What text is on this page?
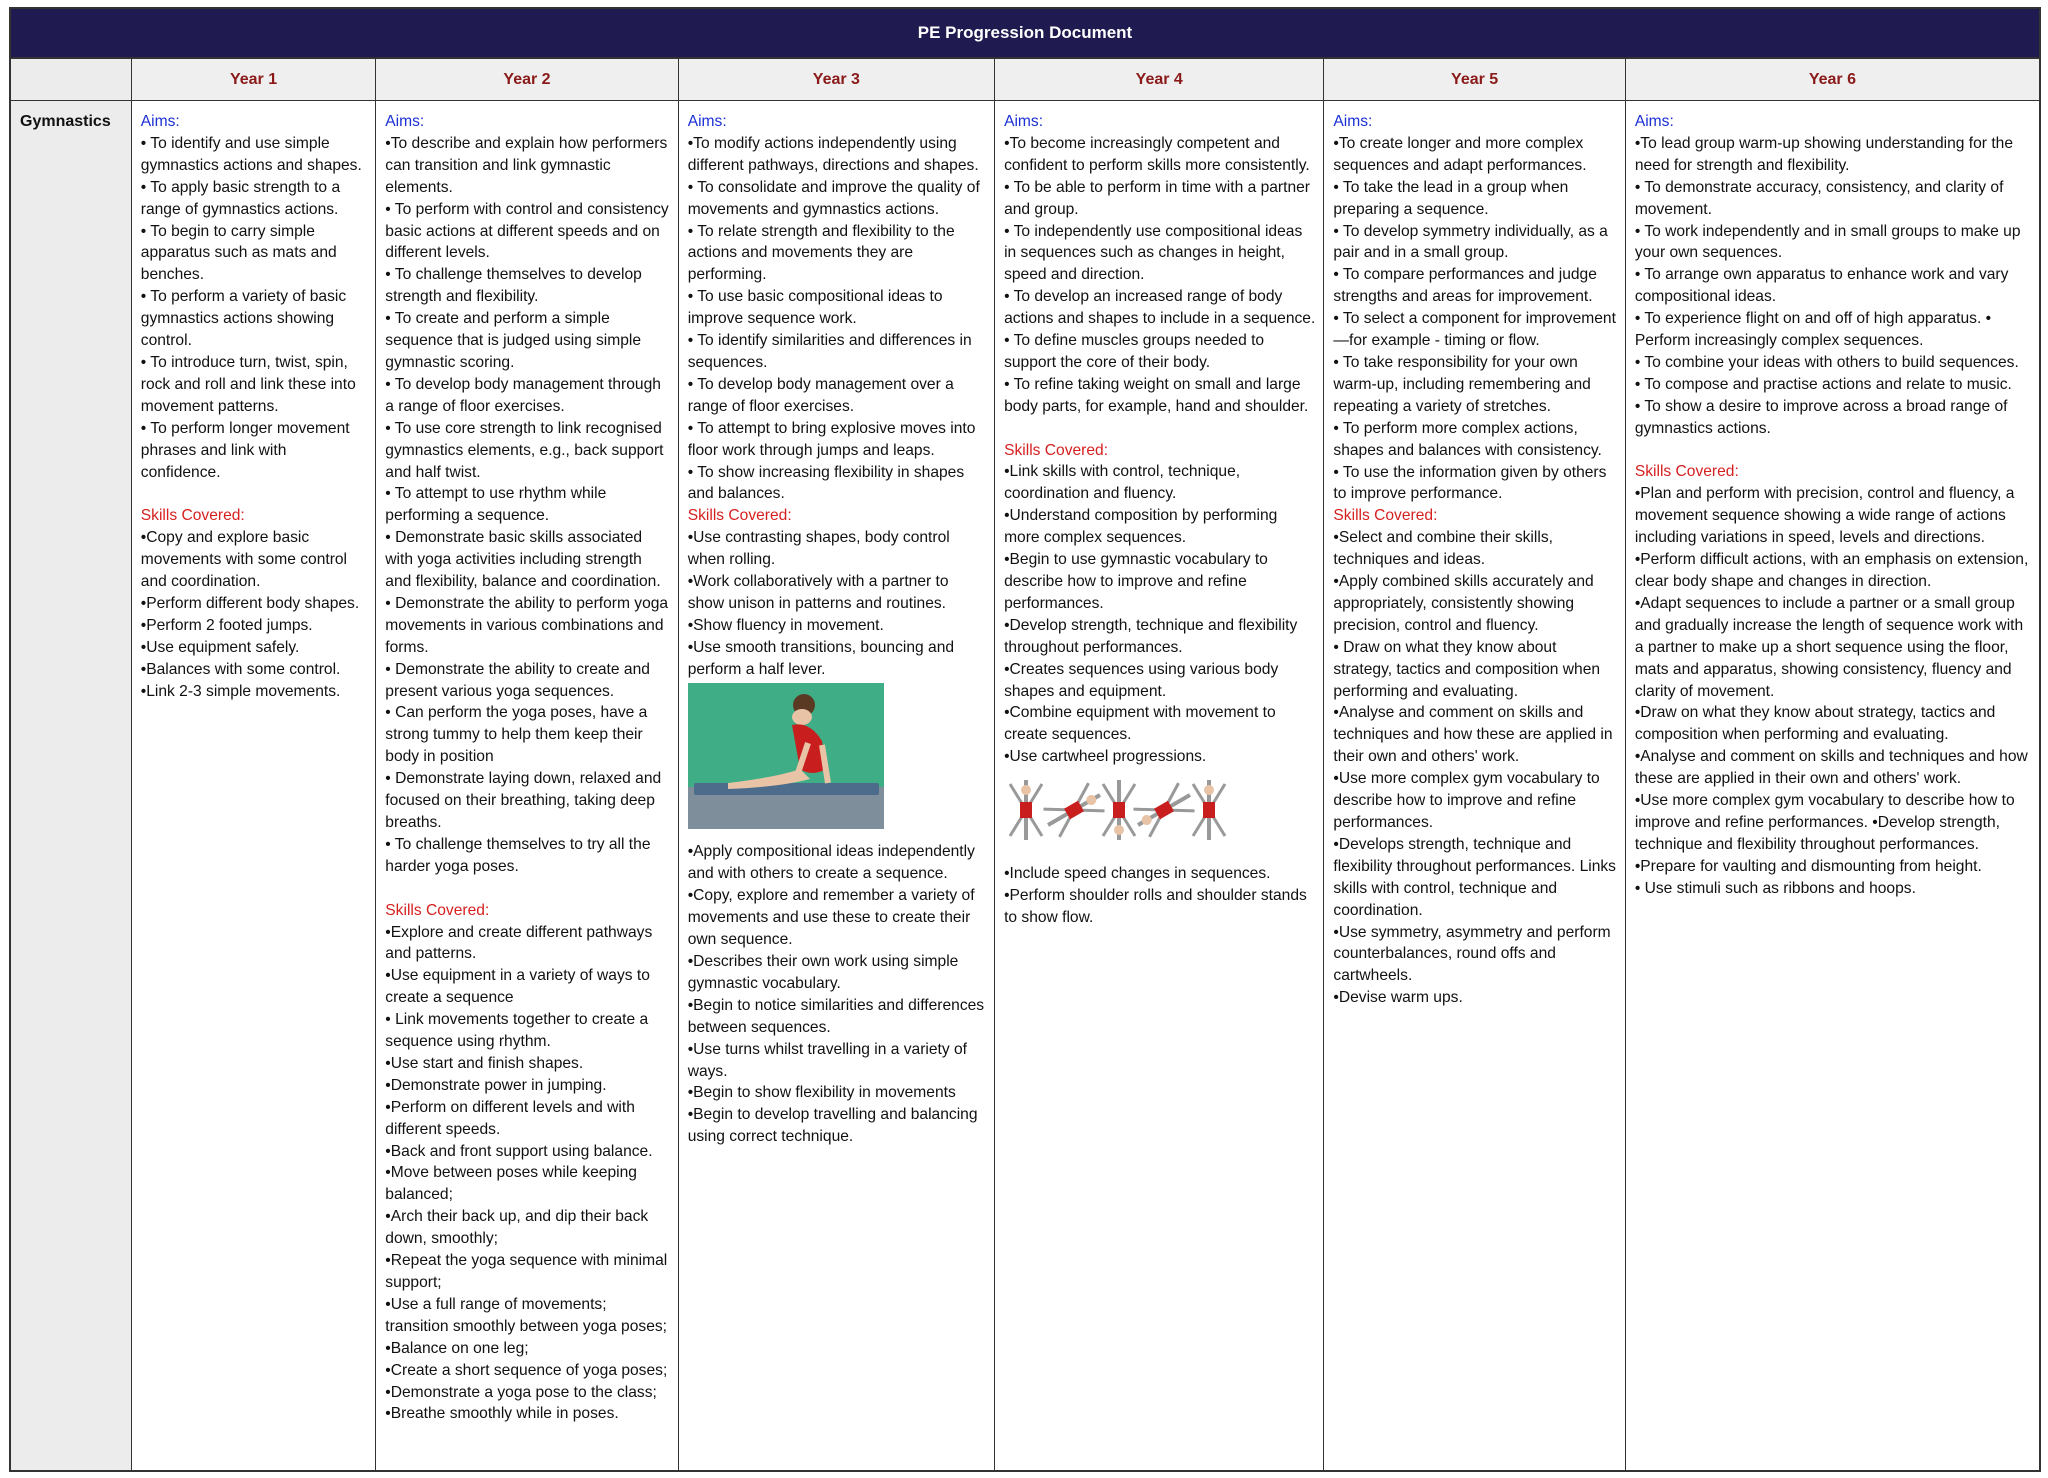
PE Progression Document
Gymnastics
Year 1
Aims:
• To identify and use simple gymnastics actions and shapes.
• To apply basic strength to a range of gymnastics actions.
• To begin to carry simple apparatus such as mats and benches.
• To perform a variety of basic gymnastics actions showing control.
• To introduce turn, twist, spin, rock and roll and link these into movement patterns.
• To perform longer movement phrases and link with confidence.
Skills Covered:
•Copy and explore basic movements with some control and coordination.
•Perform different body shapes.
•Perform 2 footed jumps.
•Use equipment safely.
•Balances with some control.
•Link 2-3 simple movements.
Year 2
Aims:
•To describe and explain how performers can transition and link gymnastic elements.
• To perform with control and consistency basic actions at different speeds and on different levels.
• To challenge themselves to develop strength and flexibility.
• To create and perform a simple sequence that is judged using simple gymnastic scoring.
• To develop body management through a range of floor exercises.
• To use core strength to link recognised gymnastics elements, e.g., back support and half twist.
• To attempt to use rhythm while performing a sequence.
• Demonstrate basic skills associated with yoga activities including strength and flexibility, balance and coordination.
• Demonstrate the ability to perform yoga movements in various combinations and forms.
• Demonstrate the ability to create and present various yoga sequences.
• Can perform the yoga poses, have a strong tummy to help them keep their body in position
• Demonstrate laying down, relaxed and focused on their breathing, taking deep breaths.
• To challenge themselves to try all the harder yoga poses.
Skills Covered:
•Explore and create different pathways and patterns.
•Use equipment in a variety of ways to create a sequence
• Link movements together to create a sequence using rhythm.
•Use start and finish shapes.
•Demonstrate power in jumping.
•Perform on different levels and with different speeds.
•Back and front support using balance.
•Move between poses while keeping balanced;
•Arch their back up, and dip their back down, smoothly;
•Repeat the yoga sequence with minimal support;
•Use a full range of movements; transition smoothly between yoga poses;
•Balance on one leg;
•Create a short sequence of yoga poses;
•Demonstrate a yoga pose to the class;
•Breathe smoothly while in poses.
Year 3
Aims:
•To modify actions independently using different pathways, directions and shapes.
• To consolidate and improve the quality of movements and gymnastics actions.
• To relate strength and flexibility to the actions and movements they are performing.
• To use basic compositional ideas to improve sequence work.
• To identify similarities and differences in sequences.
• To develop body management over a range of floor exercises.
• To attempt to bring explosive moves into floor work through jumps and leaps.
• To show increasing flexibility in shapes and balances.
Skills Covered:
•Use contrasting shapes, body control when rolling.
•Work collaboratively with a partner to show unison in patterns and routines.
•Show fluency in movement.
•Use smooth transitions, bouncing and perform a half lever.
•Apply compositional ideas independently and with others to create a sequence.
•Copy, explore and remember a variety of movements and use these to create their own sequence.
•Describes their own work using simple gymnastic vocabulary.
•Begin to notice similarities and differences between sequences.
•Use turns whilst travelling in a variety of ways.
•Begin to show flexibility in movements
•Begin to develop travelling and balancing using correct technique.
Year 4
Aims:
•To become increasingly competent and confident to perform skills more consistently.
• To be able to perform in time with a partner and group.
• To independently use compositional ideas in sequences such as changes in height, speed and direction.
• To develop an increased range of body actions and shapes to include in a sequence.
• To define muscles groups needed to support the core of their body.
• To refine taking weight on small and large body parts, for example, hand and shoulder.
Skills Covered:
•Link skills with control, technique, coordination and fluency.
•Understand composition by performing more complex sequences.
•Begin to use gymnastic vocabulary to describe how to improve and refine performances.
•Develop strength, technique and flexibility throughout performances.
•Creates sequences using various body shapes and equipment.
•Combine equipment with movement to create sequences.
•Use cartwheel progressions.
•Include speed changes in sequences.
•Perform shoulder rolls and shoulder stands to show flow.
Year 5
Aims:
•To create longer and more complex sequences and adapt performances.
• To take the lead in a group when preparing a sequence.
• To develop symmetry individually, as a pair and in a small group.
• To compare performances and judge strengths and areas for improvement.
• To select a component for improvement—for example - timing or flow.
• To take responsibility for your own warm-up, including remembering and repeating a variety of stretches.
• To perform more complex actions, shapes and balances with consistency.
• To use the information given by others to improve performance.
Skills Covered:
•Select and combine their skills, techniques and ideas.
•Apply combined skills accurately and appropriately, consistently showing precision, control and fluency.
• Draw on what they know about strategy, tactics and composition when performing and evaluating.
•Analyse and comment on skills and techniques and how these are applied in their own and others' work.
•Use more complex gym vocabulary to describe how to improve and refine performances.
•Develops strength, technique and flexibility throughout performances. Links skills with control, technique and coordination.
•Use symmetry, asymmetry and perform counterbalances, round offs and cartwheels.
•Devise warm ups.
Year 6
Aims:
•To lead group warm-up showing understanding for the need for strength and flexibility.
• To demonstrate accuracy, consistency, and clarity of movement.
• To work independently and in small groups to make up your own sequences.
• To arrange own apparatus to enhance work and vary compositional ideas.
• To experience flight on and off of high apparatus. • Perform increasingly complex sequences.
• To combine your ideas with others to build sequences.
• To compose and practise actions and relate to music.
• To show a desire to improve across a broad range of gymnastics actions.
Skills Covered:
•Plan and perform with precision, control and fluency, a movement sequence showing a wide range of actions including variations in speed, levels and directions.
•Perform difficult actions, with an emphasis on extension, clear body shape and changes in direction.
•Adapt sequences to include a partner or a small group and gradually increase the length of sequence work with a partner to make up a short sequence using the floor, mats and apparatus, showing consistency, fluency and clarity of movement.
•Draw on what they know about strategy, tactics and composition when performing and evaluating.
•Analyse and comment on skills and techniques and how these are applied in their own and others' work.
•Use more complex gym vocabulary to describe how to improve and refine performances. •Develop strength, technique and flexibility throughout performances.
•Prepare for vaulting and dismounting from height.
• Use stimuli such as ribbons and hoops.
